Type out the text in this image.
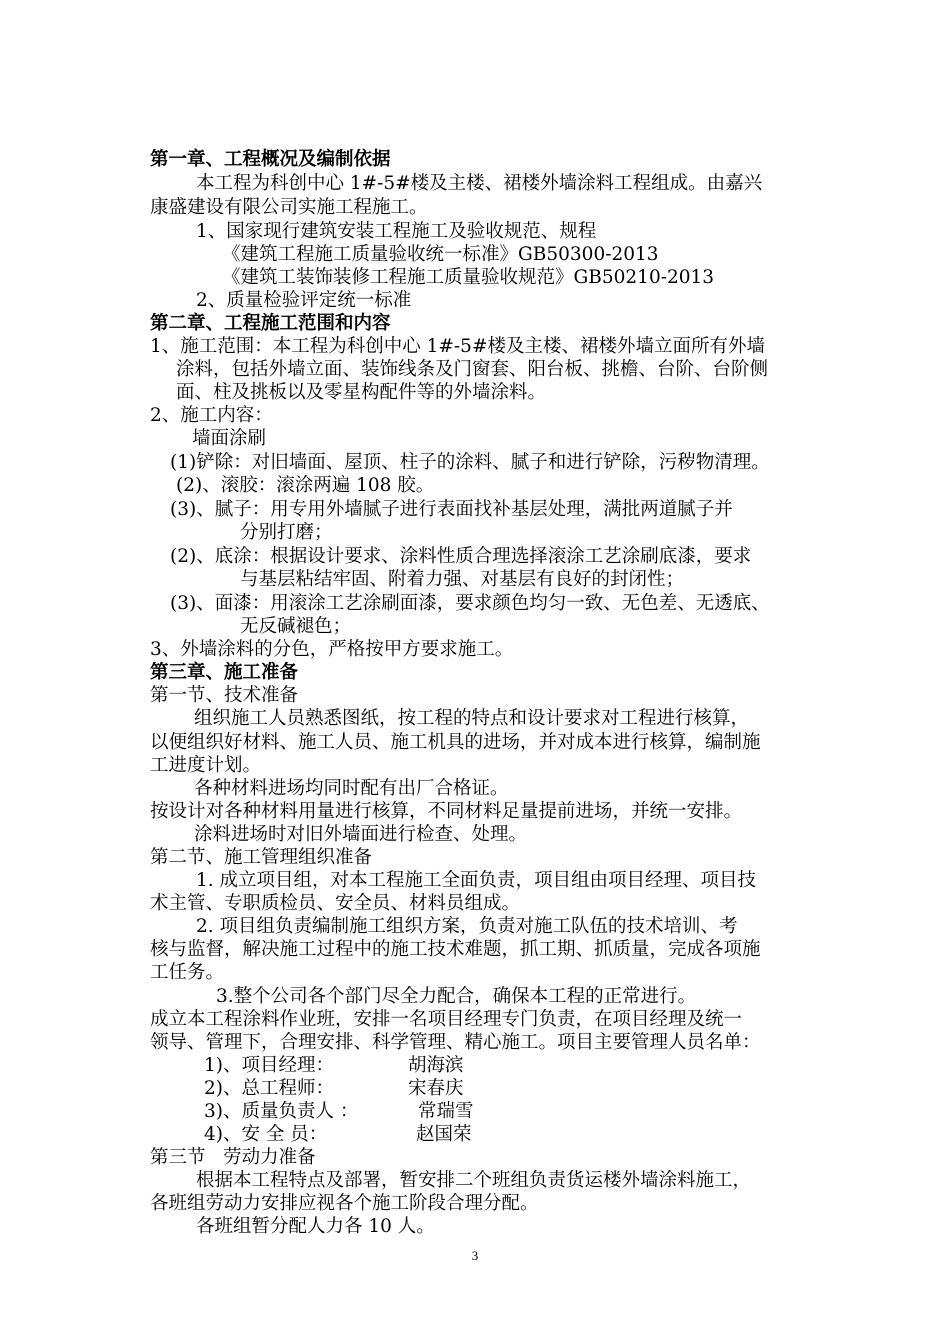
第一章、工程概况及编制依据
本工程为科创中心 1#-5#楼及主楼、裙楼外墙涂料工程组成。由嘉兴
康盛建设有限公司实施工程施工。
1、国家现行建筑安装工程施工及验收规范、规程
《建筑工程施工质量验收统一标准》GB50300-2013
《建筑工装饰装修工程施工质量验收规范》GB50210-2013
2、质量检验评定统一标准
第二章、工程施工范围和内容
1、施工范围：本工程为科创中心 1#-5#楼及主楼、裙楼外墙立面所有外墙
涂料，包括外墙立面、装饰线条及门窗套、阳台板、挑檐、台阶、台阶侧
面、柱及挑板以及零星构配件等的外墙涂料。
2、施工内容：
墙面涂刷
(1)铲除：对旧墙面、屋顶、柱子的涂料、腻子和进行铲除，污秽物清理。
(2)、滚胶：滚涂两遍 108 胶。
(3)、腻子：用专用外墙腻子进行表面找补基层处理，满批两道腻子并
分别打磨；
(2)、底涂：根据设计要求、涂料性质合理选择滚涂工艺涂刷底漆，要求
与基层粘结牢固、附着力强、对基层有良好的封闭性；
(3)、面漆：用滚涂工艺涂刷面漆，要求颜色均匀一致、无色差、无透底、
无反碱褪色；
3、外墙涂料的分色，严格按甲方要求施工。
第三章、施工准备
第一节、技术准备
组织施工人员熟悉图纸，按工程的特点和设计要求对工程进行核算，
以便组织好材料、施工人员、施工机具的进场，并对成本进行核算，编制施
工进度计划。
各种材料进场均同时配有出厂合格证。
按设计对各种材料用量进行核算，不同材料足量提前进场，并统一安排。
涂料进场时对旧外墙面进行检查、处理。
第二节、施工管理组织准备
1. 成立项目组，对本工程施工全面负责，项目组由项目经理、项目技
术主管、专职质检员、安全员、材料员组成。
2. 项目组负责编制施工组织方案，负责对施工队伍的技术培训、考
核与监督，解决施工过程中的施工技术难题，抓工期、抓质量，完成各项施
工任务。
3.整个公司各个部门尽全力配合，确保本工程的正常进行。
成立本工程涂料作业班，安排一名项目经理专门负责，在项目经理及统一
领导、管理下，合理安排、科学管理、精心施工。项目主要管理人员名单：
1)、项目经理：	胡海滨
2)、总工程师：	宋春庆
3)、质量负责人 ：	常瑞雪
4)、安 全 员：	赵国荣
第三节   劳动力准备
根据本工程特点及部署，暂安排二个班组负责货运楼外墙涂料施工，
各班组劳动力安排应视各个施工阶段合理分配。
各班组暂分配人力各 10 人。
3
